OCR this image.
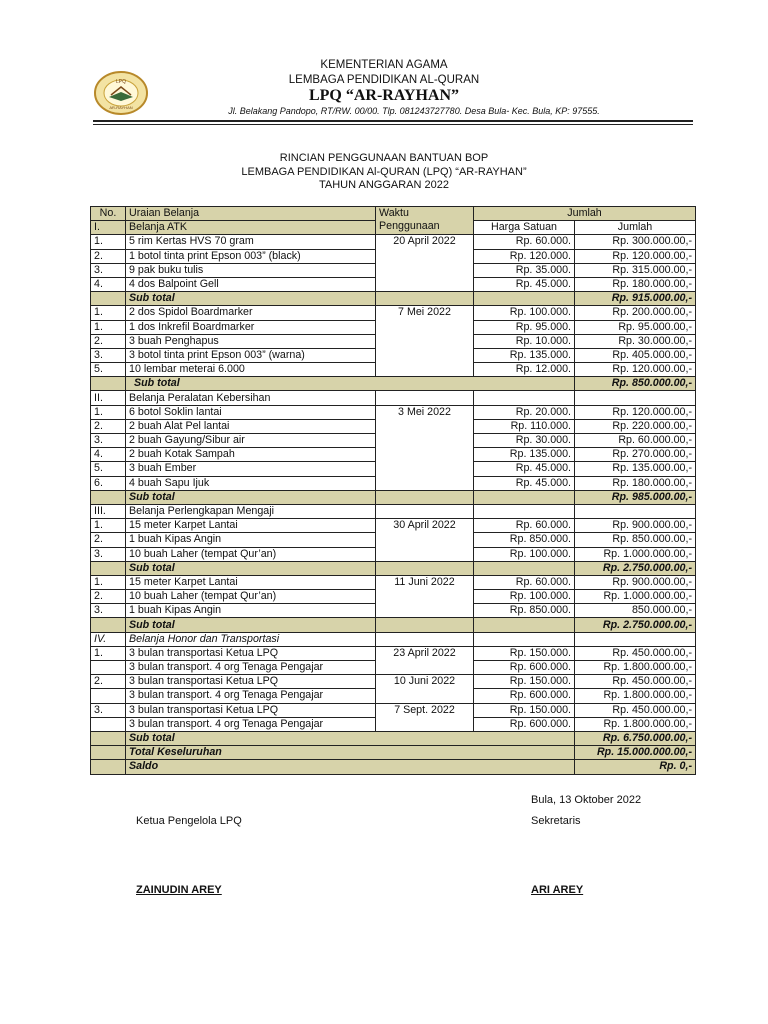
LPQ
AR-RAYHAN
KEMENTERIAN AGAMA
LEMBAGA PENDIDIKAN AL-QURAN
LPQ “AR-RAYHAN”
Jl. Belakang Pandopo, RT/RW. 00/00. Tlp. 081243727780. Desa Bula- Kec. Bula, KP: 97555.
RINCIAN PENGGUNAAN BANTUAN BOP
LEMBAGA PENDIDIKAN Al-QURAN (LPQ) “AR-RAYHAN”
TAHUN ANGGARAN 2022
No.	Uraian Belanja	Waktu Penggunaan	Jumlah	
I.	Belanja ATK		Harga Satuan	Jumlah
1.	5 rim Kertas HVS 70 gram	20 April 2022	Rp. 60.000.	Rp. 300.000.00,-
2.	1 botol tinta print Epson 003” (black)		Rp. 120.000.	Rp. 120.000.00,-
3.	9 pak buku tulis		Rp. 35.000.	Rp. 315.000.00,-
4.	4 dos Balpoint Gell		Rp. 45.000.	Rp. 180.000.00,-
	Sub total			Rp. 915.000.00,-
1.	2 dos Spidol Boardmarker	7 Mei 2022	Rp. 100.000.	Rp. 200.000.00,-
1.	1 dos Inkrefil Boardmarker		Rp. 95.000.	Rp. 95.000.00,-
2.	3 buah Penghapus		Rp. 10.000.	Rp. 30.000.00,-
3.	3 botol tinta print Epson 003” (warna)		Rp. 135.000.	Rp. 405.000.00,-
5.	10 lembar meterai 6.000		Rp. 12.000.	Rp. 120.000.00,-
	Sub total			Rp. 850.000.00,-
II.	Belanja Peralatan Kebersihan			
1.	6 botol Soklin lantai	3 Mei 2022	Rp. 20.000.	Rp. 120.000.00,-
2.	2 buah Alat Pel lantai		Rp. 110.000.	Rp. 220.000.00,-
3.	2 buah Gayung/Sibur air		Rp. 30.000.	Rp. 60.000.00,-
4.	2 buah Kotak Sampah		Rp. 135.000.	Rp. 270.000.00,-
5.	3 buah Ember		Rp. 45.000.	Rp. 135.000.00,-
6.	4 buah Sapu Ijuk		Rp. 45.000.	Rp. 180.000.00,-
	Sub total			Rp. 985.000.00,-
III.	Belanja Perlengkapan Mengaji			
1.	15 meter Karpet Lantai	30 April 2022	Rp. 60.000.	Rp. 900.000.00,-
2.	1 buah Kipas Angin		Rp. 850.000.	Rp. 850.000.00,-
3.	10 buah Laher (tempat Qur’an)		Rp. 100.000.	Rp. 1.000.000.00,-
	Sub total			Rp. 2.750.000.00,-
1.	15 meter Karpet Lantai	11 Juni 2022	Rp. 60.000.	Rp. 900.000.00,-
2.	10 buah Laher (tempat Qur’an)		Rp. 100.000.	Rp. 1.000.000.00,-
3.	1 buah Kipas Angin		Rp. 850.000.	850.000.00,-
	Sub total			Rp. 2.750.000.00,-
IV.	Belanja Honor dan Transportasi			
1.	3 bulan transportasi Ketua LPQ	23 April 2022	Rp. 150.000.	Rp. 450.000.00,-
	3 bulan transport. 4 org Tenaga Pengajar		Rp. 600.000.	Rp. 1.800.000.00,-
2.	3 bulan transportasi Ketua LPQ	10 Juni 2022	Rp. 150.000.	Rp. 450.000.00,-
	3 bulan transport. 4 org Tenaga Pengajar		Rp. 600.000.	Rp. 1.800.000.00,-
3.	3 bulan transportasi Ketua LPQ	7 Sept. 2022	Rp. 150.000.	Rp. 450.000.00,-
	3 bulan transport. 4 org Tenaga Pengajar		Rp. 600.000.	Rp. 1.800.000.00,-
	Sub total			Rp. 6.750.000.00,-
	Total Keseluruhan			Rp. 15.000.000.00,-
	Saldo			Rp. 0,-
Bula, 13 Oktober 2022
Ketua Pengelola LPQ	Sekretaris
ZAINUDIN AREY	ARI AREY
